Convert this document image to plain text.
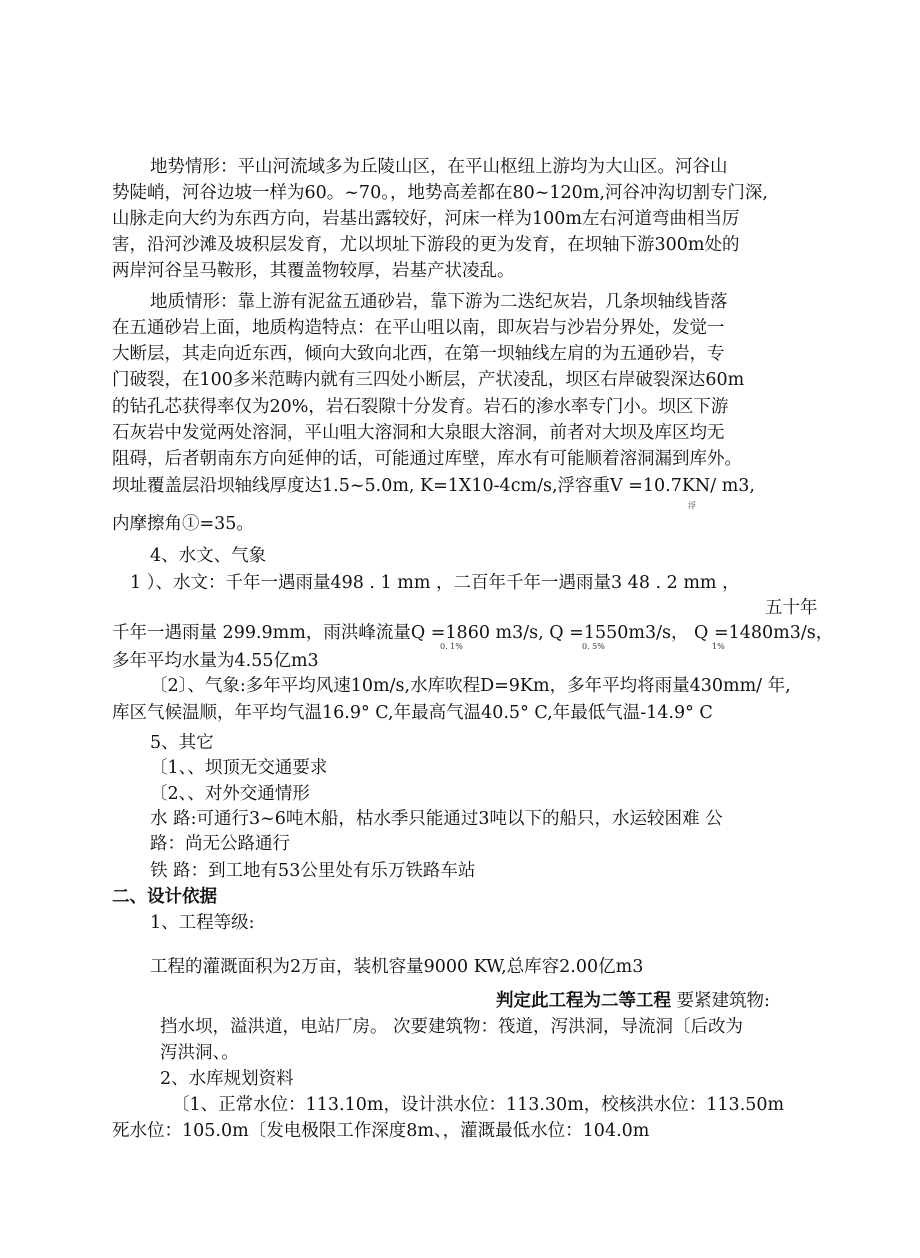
地势情形：平山河流域多为丘陵山区，在平山枢纽上游均为大山区。河谷山
势陡峭，河谷边坡一样为60。~70。，地势高差都在80~120m,河谷冲沟切割专门深,
山脉走向大约为东西方向，岩基出露较好，河床一样为100m左右河道弯曲相当厉
害，沿河沙滩及坡积层发育，尤以坝址下游段的更为发育，在坝轴下游300m处的
两岸河谷呈马鞍形，其覆盖物较厚，岩基产状凌乱。
地质情形：靠上游有泥盆五通砂岩，靠下游为二迭纪灰岩，几条坝轴线皆落
在五通砂岩上面，地质构造特点：在平山咀以南，即灰岩与沙岩分界处，发觉一
大断层，其走向近东西，倾向大致向北西，在第一坝轴线左肩的为五通砂岩，专
门破裂，在100多米范畴内就有三四处小断层，产状凌乱，坝区右岸破裂深达60m
的钻孔芯获得率仅为20%，岩石裂隙十分发育。岩石的渗水率专门小。坝区下游
石灰岩中发觉两处溶洞，平山咀大溶洞和大泉眼大溶洞，前者对大坝及库区均无
阻碍，后者朝南东方向延伸的话，可能通过库壁，库水有可能顺着溶洞漏到库外。
坝址覆盖层沿坝轴线厚度达1.5~5.0m, K=1X10-4cm/s,浮容重V =10.7KN/ m3,
浮
内摩擦角①=35。
4、水文、气象
1 ）、水文：千年一遇雨量498 . 1 mm ，二百年千年一遇雨量3 48 . 2 mm ，
五十年
千年一遇雨量 299.9mm，雨洪峰流量Q =1860 m3/s, Q =1550m3/s， Q =1480m3/s，
0. 1%	0. 5%	1%
多年平均水量为4.55亿m3
〔2〕、气象:多年平均风速10m/s,水库吹程D=9Km，多年平均将雨量430mm/ 年,
库区气候温顺，年平均气温16.9° C,年最高气温40.5° C,年最低气温-14.9° C
5、其它
〔1、、坝顶无交通要求
〔2、、对外交通情形
水 路:可通行3~6吨木船，枯水季只能通过3吨以下的船只，水运较困难 公
路：尚无公路通行
铁 路：到工地有53公里处有乐万铁路车站
二、设计依据
1、工程等级:
工程的灌溉面积为2万亩，装机容量9000 KW,总库容2.00亿m3
判定此工程为二等工程 要紧建筑物:
挡水坝，溢洪道，电站厂房。 次要建筑物：筏道，泻洪洞，导流洞〔后改为
泻洪洞、。
2、水库规划资料
〔1、正常水位：113.10m，设计洪水位：113.30m，校核洪水位：113.50m
死水位：105.0m〔发电极限工作深度8m、，灌溉最低水位：104.0m
